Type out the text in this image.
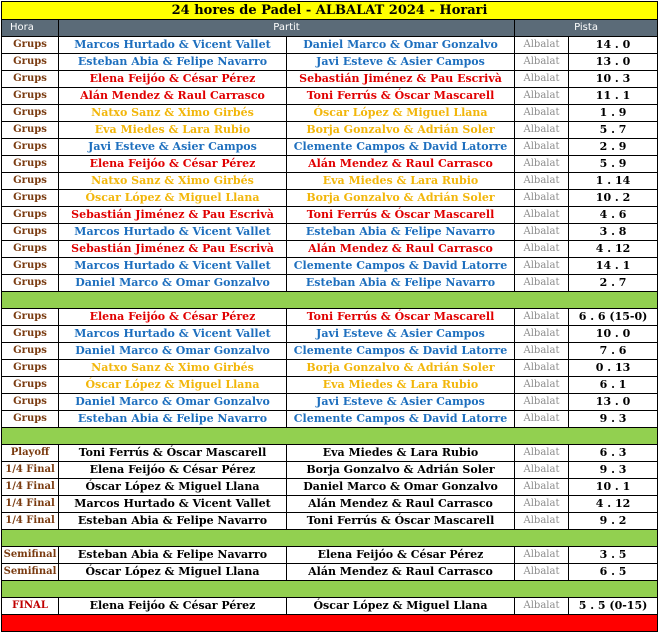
24 hores de Padel - ALBALAT 2024 - Horari				
Hora	Partit		Pista	
Grups	Marcos Hurtado & Vicent Vallet	Daniel Marco & Omar Gonzalvo	Albalat	14 . 0
Grups	Esteban Abia & Felipe Navarro	Javi Esteve & Asier Campos	Albalat	13 . 0
Grups	Elena Feijóo & César Pérez	Sebastián Jiménez & Pau Escrivà	Albalat	10 . 3
Grups	Alán Mendez & Raul Carrasco	Toni Ferrús & Óscar Mascarell	Albalat	11 . 1
Grups	Natxo Sanz & Ximo Girbés	Óscar López & Miguel Llana	Albalat	1 . 9
Grups	Eva Miedes & Lara Rubio	Borja Gonzalvo & Adrián Soler	Albalat	5 . 7
Grups	Javi Esteve & Asier Campos	Clemente Campos & David Latorre	Albalat	2 . 9
Grups	Elena Feijóo & César Pérez	Alán Mendez & Raul Carrasco	Albalat	5 . 9
Grups	Natxo Sanz & Ximo Girbés	Eva Miedes & Lara Rubio	Albalat	1 . 14
Grups	Óscar López & Miguel Llana	Borja Gonzalvo & Adrián Soler	Albalat	10 . 2
Grups	Sebastián Jiménez & Pau Escrivà	Toni Ferrús & Óscar Mascarell	Albalat	4 . 6
Grups	Marcos Hurtado & Vicent Vallet	Esteban Abia & Felipe Navarro	Albalat	3 . 8
Grups	Sebastián Jiménez & Pau Escrivà	Alán Mendez & Raul Carrasco	Albalat	4 . 12
Grups	Marcos Hurtado & Vicent Vallet	Clemente Campos & David Latorre	Albalat	14 . 1
Grups	Daniel Marco & Omar Gonzalvo	Esteban Abia & Felipe Navarro	Albalat	2 . 7

Grups	Elena Feijóo & César Pérez	Toni Ferrús & Óscar Mascarell	Albalat	6 . 6 (15-0)
Grups	Marcos Hurtado & Vicent Vallet	Javi Esteve & Asier Campos	Albalat	10 . 0
Grups	Daniel Marco & Omar Gonzalvo	Clemente Campos & David Latorre	Albalat	7 . 6
Grups	Natxo Sanz & Ximo Girbés	Borja Gonzalvo & Adrián Soler	Albalat	0 . 13
Grups	Óscar López & Miguel Llana	Eva Miedes & Lara Rubio	Albalat	6 . 1
Grups	Daniel Marco & Omar Gonzalvo	Javi Esteve & Asier Campos	Albalat	13 . 0
Grups	Esteban Abia & Felipe Navarro	Clemente Campos & David Latorre	Albalat	9 . 3

Playoff	Toni Ferrús & Óscar Mascarell	Eva Miedes & Lara Rubio	Albalat	6 . 3
1/4 Final	Elena Feijóo & César Pérez	Borja Gonzalvo & Adrián Soler	Albalat	9 . 3
1/4 Final	Óscar López & Miguel Llana	Daniel Marco & Omar Gonzalvo	Albalat	10 . 1
1/4 Final	Marcos Hurtado & Vicent Vallet	Alán Mendez & Raul Carrasco	Albalat	4 . 12
1/4 Final	Esteban Abia & Felipe Navarro	Toni Ferrús & Óscar Mascarell	Albalat	9 . 2

Semifinal	Esteban Abia & Felipe Navarro	Elena Feijóo & César Pérez	Albalat	3 . 5
Semifinal	Óscar López & Miguel Llana	Alán Mendez & Raul Carrasco	Albalat	6 . 5

FINAL	Elena Feijóo & César Pérez	Óscar López & Miguel Llana	Albalat	5 . 5 (0-15)
